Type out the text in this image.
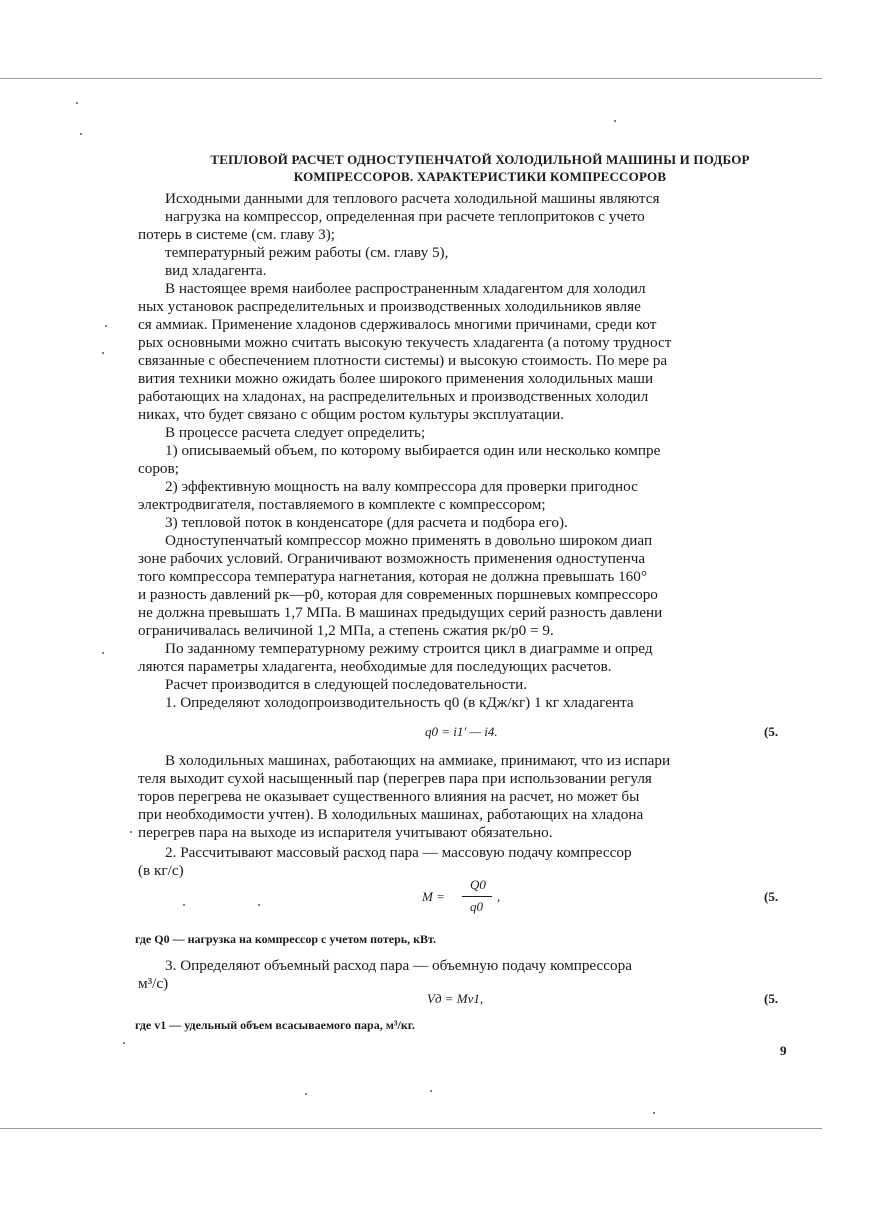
ТЕПЛОВОЙ РАСЧЕТ ОДНОСТУПЕНЧАТОЙ ХОЛОДИЛЬНОЙ МАШИНЫ И ПОДБОР
КОМПРЕССОРОВ. ХАРАКТЕРИСТИКИ КОМПРЕССОРОВ
Исходными данными для теплового расчета холодильной машины являются
нагрузка на компрессор, определенная при расчете теплопритоков с учето
потерь в системе (см. главу 3);
температурный режим работы (см. главу 5),
вид хладагента.
В настоящее время наиболее распространенным хладагентом для холодил
ных установок распределительных и производственных холодильников являе
ся аммиак. Применение хладонов сдерживалось многими причинами, среди кот
рых основными можно считать высокую текучесть хладагента (а потому трудност
связанные с обеспечением плотности системы) и высокую стоимость. По мере ра
вития техники можно ожидать более широкого применения холодильных маши
работающих на хладонах, на распределительных и производственных холодил
никах, что будет связано с общим ростом культуры эксплуатации.
В процессе расчета следует определить;
1) описываемый объем, по которому выбирается один или несколько компре
соров;
2) эффективную мощность на валу компрессора для проверки пригоднос
электродвигателя, поставляемого в комплекте с компрессором;
3) тепловой поток в конденсаторе (для расчета и подбора его).
Одноступенчатый компрессор можно применять в довольно широком диап
зоне рабочих условий. Ограничивают возможность применения одноступенча
того компрессора температура нагнетания, которая не должна превышать 160°
и разность давлений pк—p0, которая для современных поршневых компрессоро
не должна превышать 1,7 МПа. В машинах предыдущих серий разность давлени
ограничивалась величиной 1,2 МПа, а степень сжатия pк/p0 = 9.
По заданному температурному режиму строится цикл в диаграмме и опред
ляются параметры хладагента, необходимые для последующих расчетов.
Расчет производится в следующей последовательности.
1. Определяют холодопроизводительность q0 (в кДж/кг) 1 кг хладагента
q0 = i1′ — i4.	(5.
В холодильных машинах, работающих на аммиаке, принимают, что из испари
теля выходит сухой насыщенный пар (перегрев пара при использовании регуля
торов перегрева не оказывает существенного влияния на расчет, но может бы
при необходимости учтен). В холодильных машинах, работающих на хладона
перегрев пара на выходе из испарителя учитывают обязательно.
2. Рассчитывают массовый расход пара — массовую подачу компрессор
(в кг/с)
M =
Q0
q0
,	(5.
где Q0 — нагрузка на компрессор с учетом потерь, кВт.
3. Определяют объемный расход пара — объемную подачу компрессора
м³/с)
Vд = Mv1,	(5.
где v1 — удельный объем всасываемого пара, м³/кг.
9
